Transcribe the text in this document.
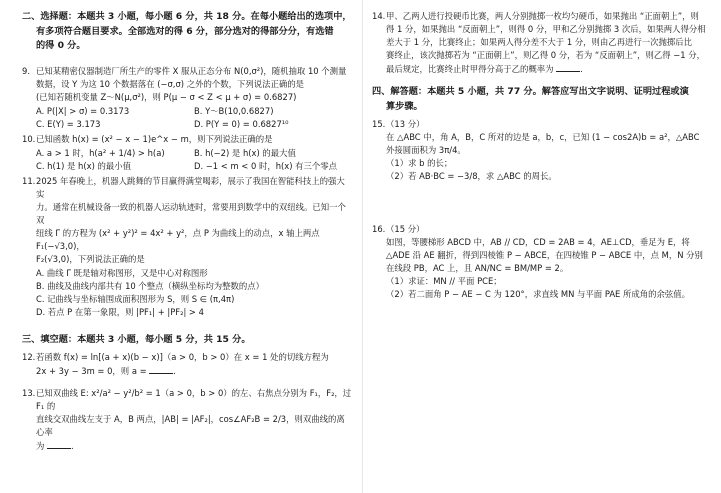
二、选择题：本题共 3 小题，每小题 6 分，共 18 分。在每小题给出的选项中，
有多项符合题目要求。全部选对的得 6 分，部分选对的得部分分，有选错
的得 0 分。
9. 已知某精密仪器制造厂所生产的零件 X 服从正态分布 N(0,σ²)，随机抽取 10 个测量
数据，设 Y 为这 10 个数据落在 (−σ,σ) 之外的个数，下列说法正确的是
(已知若随机变量 Z～N(μ,σ²)，则 P(μ − σ < Z < μ + σ) = 0.6827)
A. P(|X| > σ) = 0.3173	B. Y～B(10,0.6827)
C. E(Y) = 3.173	D. P(Y = 0) = 0.6827¹⁰
10. 已知函数 h(x) = (x² − x − 1)e^x − m，则下列说法正确的是
A. a > 1 时，h(a² + 1/4) > h(a)	B. h(−2) 是 h(x) 的最大值
C. h(1) 是 h(x) 的最小值	D. −1 < m < 0 时，h(x) 有三个零点
11. 2025 年春晚上，机器人跳舞的节目赢得满堂喝彩，展示了我国在智能科技上的强大实
力。通常在机械设备一致的机器人运动轨迹时，常要用到数学中的双纽线。已知一个双
纽线 Γ 的方程为 (x² + y²)² = 4x² + y²，点 P 为曲线上的动点，x 轴上两点 F₁(−√3,0)，
F₂(√3,0)，下列说法正确的是
A. 曲线 Γ 既是轴对称图形，又是中心对称图形
B. 曲线及曲线内部共有 10 个整点（横纵坐标均为整数的点）
C. 记曲线与坐标轴围成面积图形为 S，则 S ∈ (π,4π)
D. 若点 P 在第一象限，则 |PF₁| + |PF₂| > 4
三、填空题：本题共 3 小题，每小题 5 分，共 15 分。
12. 若函数 f(x) = ln[(a + x)(b − x)]（a > 0，b > 0）在 x = 1 处的切线方程为
2x + 3y − 3m = 0，则 a =	.
13. 已知双曲线 E: x²/a² − y²/b² = 1（a > 0，b > 0）的左、右焦点分别为 F₁，F₂，过 F₁ 的
直线交双曲线左支于 A，B 两点，|AB| = |AF₂|，cos∠AF₂B = 2/3，则双曲线的离心率
为	.
14. 甲、乙两人进行投硬币比赛，两人分别抛掷一枚均匀硬币，如果抛出 “正面朝上”，则
得 1 分，如果抛出 “反面朝上”，则得 0 分，甲和乙分别抛掷 3 次后，如果两人得分相
差大于 1 分，比赛终止；如果两人得分差不大于 1 分，则由乙再进行一次抛掷后比
赛终止，该次抛掷若为 “正面朝上”，则乙得 0 分，若为 “反面朝上”，则乙得 −1 分，
最后规定，比赛终止时甲得分高于乙的概率为	.
四、解答题：本题共 5 小题，共 77 分。解答应写出文字说明、证明过程或演
算步骤。
15. （13 分）
在 △ABC 中，角 A，B，C 所对的边是 a，b，c，已知 (1 − cos2A)b = a²，△ABC
外接圆面积为 3π/4。
（1）求 b 的长；
（2）若 AB·BC = −3/8，求 △ABC 的周长。
16. （15 分）
如图，等腰梯形 ABCD 中，AB // CD，CD = 2AB = 4，AE⊥CD，垂足为 E，将
△ADE 沿 AE 翻折，得到四棱锥 P − ABCE，在四棱锥 P − ABCE 中，点 M，N 分别
在线段 PB，AC 上，且 AN/NC = BM/MP = 2。
（1）求证：MN // 平面 PCE；
（2）若二面角 P − AE − C 为 120°，求直线 MN 与平面 PAE 所成角的余弦值。
